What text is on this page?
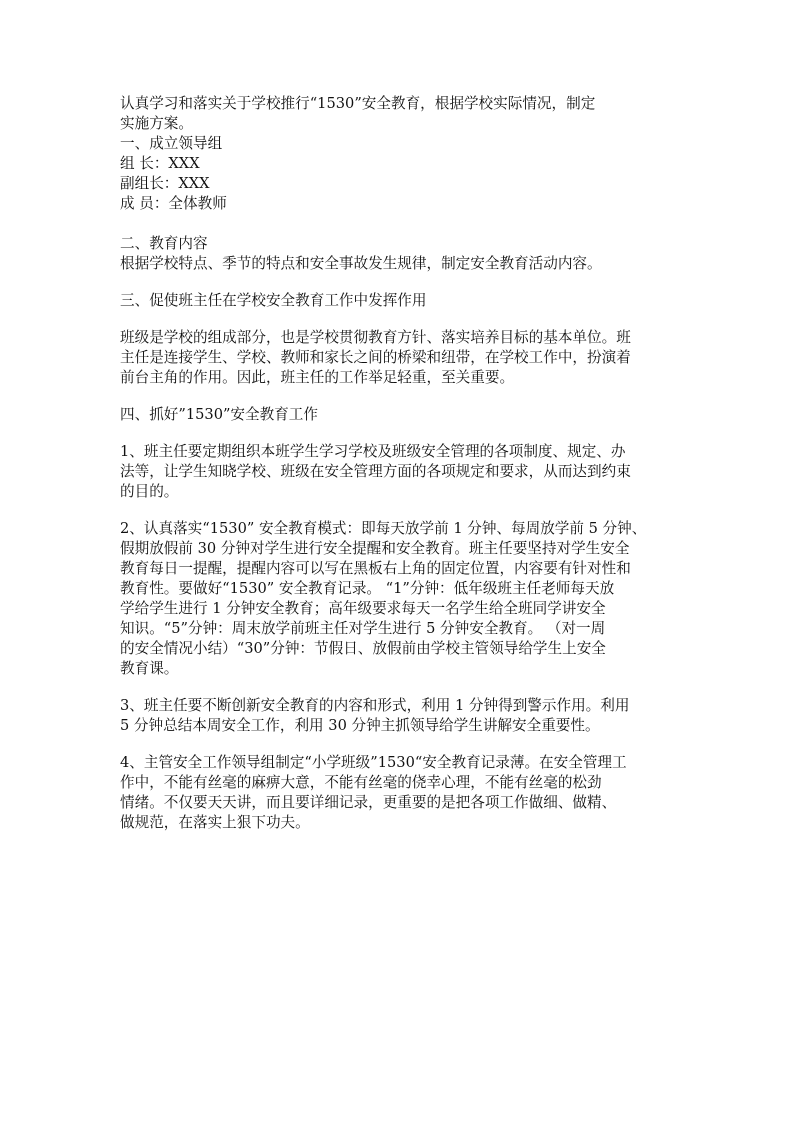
认真学习和落实关于学校推行“1530”安全教育，根据学校实际情况，制定
实施方案。
一、成立领导组
组 长：XXX
副组长：XXX
成 员：全体教师
二、教育内容
根据学校特点、季节的特点和安全事故发生规律，制定安全教育活动内容。
三、促使班主任在学校安全教育工作中发挥作用
班级是学校的组成部分，也是学校贯彻教育方针、落实培养目标的基本单位。班
主任是连接学生、学校、教师和家长之间的桥梁和纽带，在学校工作中，扮演着
前台主角的作用。因此，班主任的工作举足轻重，至关重要。
四、抓好”1530”安全教育工作
1、班主任要定期组织本班学生学习学校及班级安全管理的各项制度、规定、办
法等，让学生知晓学校、班级在安全管理方面的各项规定和要求，从而达到约束
的目的。
2、认真落实“1530” 安全教育模式：即每天放学前 1 分钟、每周放学前 5 分钟、
假期放假前 30 分钟对学生进行安全提醒和安全教育。班主任要坚持对学生安全
教育每日一提醒，提醒内容可以写在黑板右上角的固定位置，内容要有针对性和
教育性。要做好“1530” 安全教育记录。 “1”分钟：低年级班主任老师每天放
学给学生进行 1 分钟安全教育；高年级要求每天一名学生给全班同学讲安全
知识。“5”分钟：周末放学前班主任对学生进行 5 分钟安全教育。 （对一周
的安全情况小结）“30”分钟：节假日、放假前由学校主管领导给学生上安全
教育课。
3、班主任要不断创新安全教育的内容和形式，利用 1 分钟得到警示作用。利用
5 分钟总结本周安全工作，利用 30 分钟主抓领导给学生讲解安全重要性。
4、主管安全工作领导组制定“小学班级”1530“安全教育记录薄。在安全管理工
作中，不能有丝毫的麻痹大意，不能有丝毫的侥幸心理，不能有丝毫的松劲
情绪。不仅要天天讲，而且要详细记录，更重要的是把各项工作做细、做精、
做规范，在落实上狠下功夫。
